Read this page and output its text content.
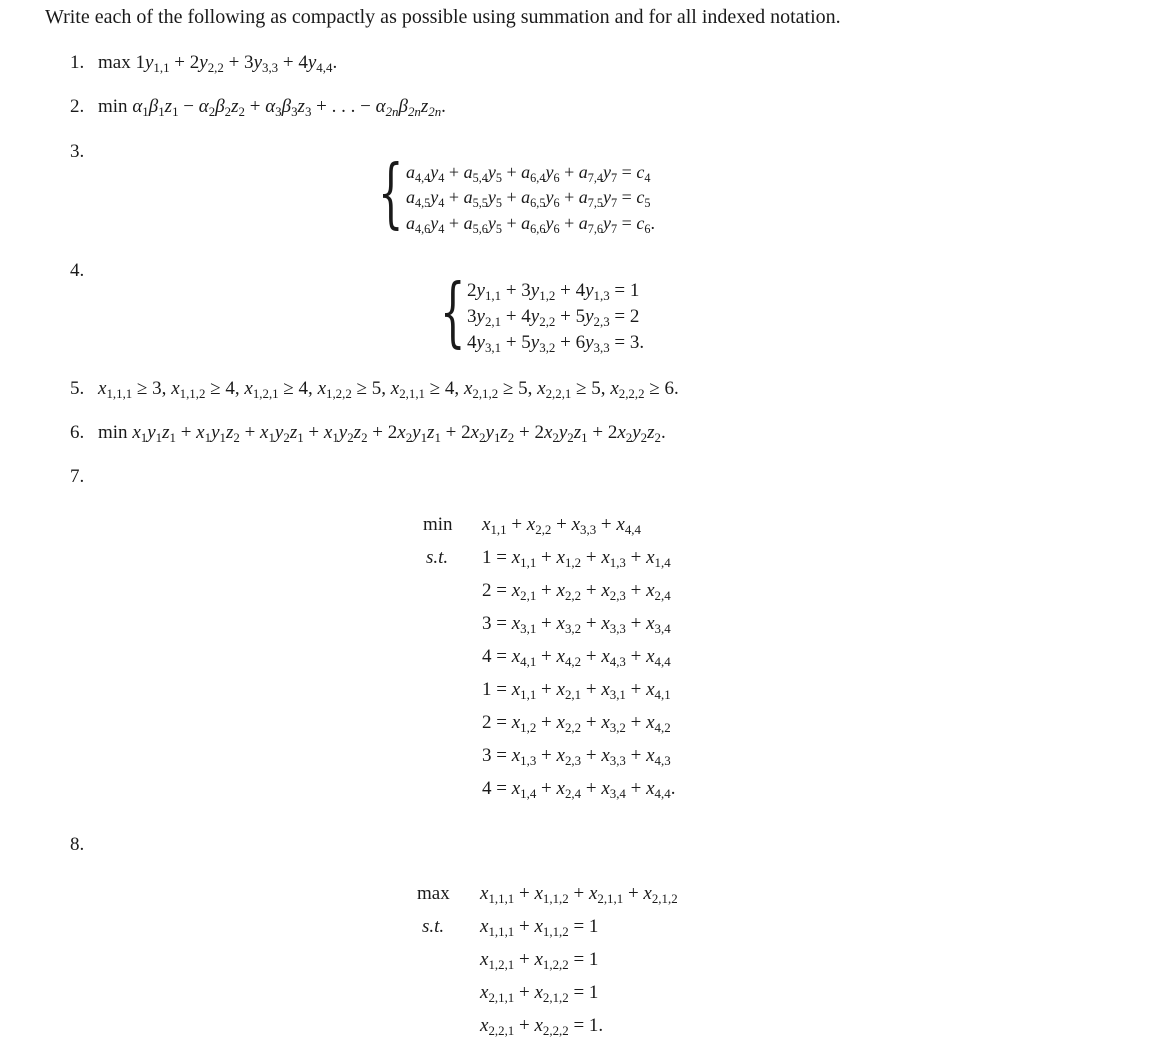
Write each of the following as compactly as possible using summation and for all indexed notation.
1. $\max 1y_{1,1} + 2y_{2,2} + 3y_{3,3} + 4y_{4,4}$.
2. $\min \alpha_1\beta_1z_1 - \alpha_2\beta_2z_2 + \alpha_3\beta_3z_3$ + . . . − $\alpha_{2n}\beta_{2n}z_{2n}$.
3.	{ $a_{4,4}y_4 + a_{5,4}y_5 + a_{6,4}y_6 + a_{7,4}y_7 = c_4$
$a_{4,5}y_4 + a_{5,5}y_5 + a_{6,5}y_6 + a_{7,5}y_7 = c_5$
$a_{4,6}y_4 + a_{5,6}y_5 + a_{6,6}y_6 + a_{7,6}y_7 = c_6$.
4.	{ $2y_{1,1} + 3y_{1,2} + 4y_{1,3} = 1$
$3y_{2,1} + 4y_{2,2} + 5y_{2,3} = 2$
$4y_{3,1} + 5y_{3,2} + 6y_{3,3} = 3$.
5. $x_{1,1,1} \ge 3$, $x_{1,1,2} \ge 4$, $x_{1,2,1} \ge 4$, $x_{1,2,2} \ge 5$, $x_{2,1,1} \ge 4$, $x_{2,1,2} \ge 5$, $x_{2,2,1} \ge 5$, $x_{2,2,2} \ge 6$.
6. $\min x_1y_1z_1 + x_1y_1z_2 + x_1y_2z_1 + x_1y_2z_2 + 2x_2y_1z_1 + 2x_2y_1z_2 + 2x_2y_2z_1 + 2x_2y_2z_2$.
7.
$\min x_{1,1} + x_{2,2} + x_{3,3} + x_{4,4}$
s.t. $1 = x_{1,1} + x_{1,2} + x_{1,3} + x_{1,4}$
$2 = x_{2,1} + x_{2,2} + x_{2,3} + x_{2,4}$
$3 = x_{3,1} + x_{3,2} + x_{3,3} + x_{3,4}$
$4 = x_{4,1} + x_{4,2} + x_{4,3} + x_{4,4}$
$1 = x_{1,1} + x_{2,1} + x_{3,1} + x_{4,1}$
$2 = x_{1,2} + x_{2,2} + x_{3,2} + x_{4,2}$
$3 = x_{1,3} + x_{2,3} + x_{3,3} + x_{4,3}$
$4 = x_{1,4} + x_{2,4} + x_{3,4} + x_{4,4}$.
8.
$\max x_{1,1,1} + x_{1,1,2} + x_{2,1,1} + x_{2,1,2}$
s.t. $x_{1,1,1} + x_{1,1,2} = 1$
$x_{1,2,1} + x_{1,2,2} = 1$
$x_{2,1,1} + x_{2,1,2} = 1$
$x_{2,2,1} + x_{2,2,2} = 1$.
